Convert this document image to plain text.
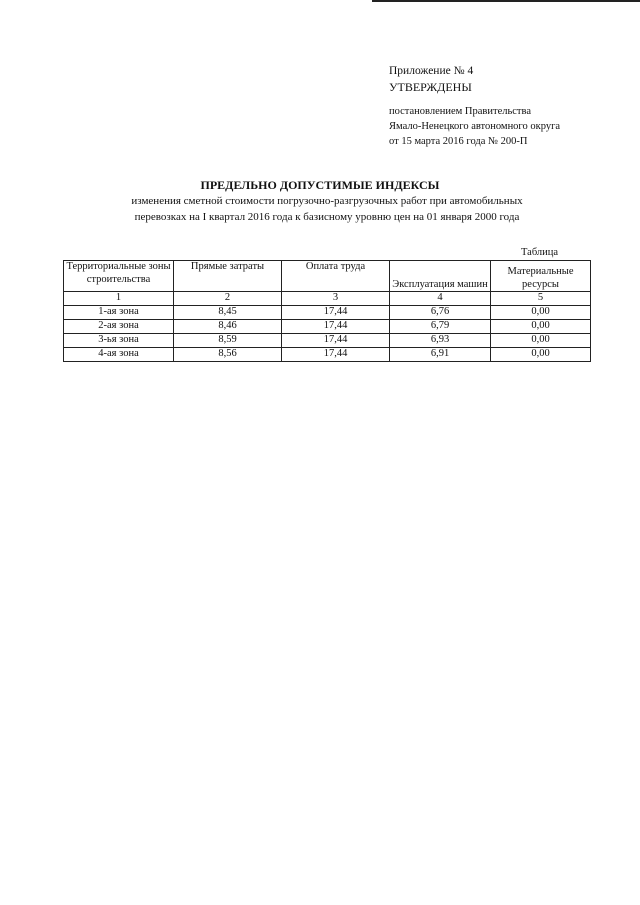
Приложение № 4
УТВЕРЖДЕНЫ
постановлением Правительства
Ямало-Ненецкого автономного округа
от 15 марта 2016 года № 200-П
ПРЕДЕЛЬНО ДОПУСТИМЫЕ ИНДЕКСЫ
изменения сметной стоимости погрузочно-разгрузочных работ при автомобильных
перевозках на I квартал 2016 года к базисному уровню цен на 01 января 2000 года
Таблица
Территориальные зоны строительства	Прямые затраты	Оплата труда	Эксплуатация машин	Материальные ресурсы
1	2	3	4	5
1-ая зона	8,45	17,44	6,76	0,00
2-ая зона	8,46	17,44	6,79	0,00
3-ья зона	8,59	17,44	6,93	0,00
4-ая зона	8,56	17,44	6,91	0,00
